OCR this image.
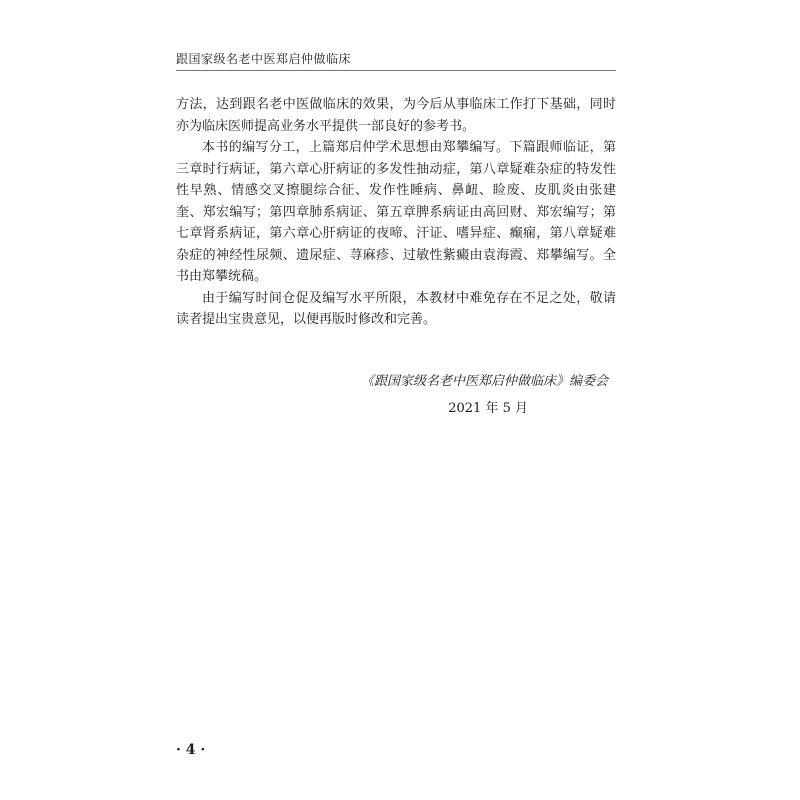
跟国家级名老中医郑启仲做临床

方法，达到跟名老中医做临床的效果，为今后从事临床工作打下基础，同时亦为临床医师提高业务水平提供一部良好的参考书。

本书的编写分工，上篇郑启仲学术思想由郑攀编写。下篇跟师临证，第三章时行病证，第六章心肝病证的多发性抽动症，第八章疑难杂症的特发性性早熟、情感交叉擦腿综合征、发作性睡病、鼻衄、睑废、皮肌炎由张建奎、郑宏编写；第四章肺系病证、第五章脾系病证由高回财、郑宏编写；第七章肾系病证，第六章心肝病证的夜啼、汗证、嗜异症、癫痫，第八章疑难杂症的神经性尿频、遗尿症、荨麻疹、过敏性紫癜由袁海霞、郑攀编写。全书由郑攀统稿。

由于编写时间仓促及编写水平所限，本教材中难免存在不足之处，敬请读者提出宝贵意见，以便再版时修改和完善。

《跟国家级名老中医郑启仲做临床》编委会
2021 年 5 月
· 4 ·
